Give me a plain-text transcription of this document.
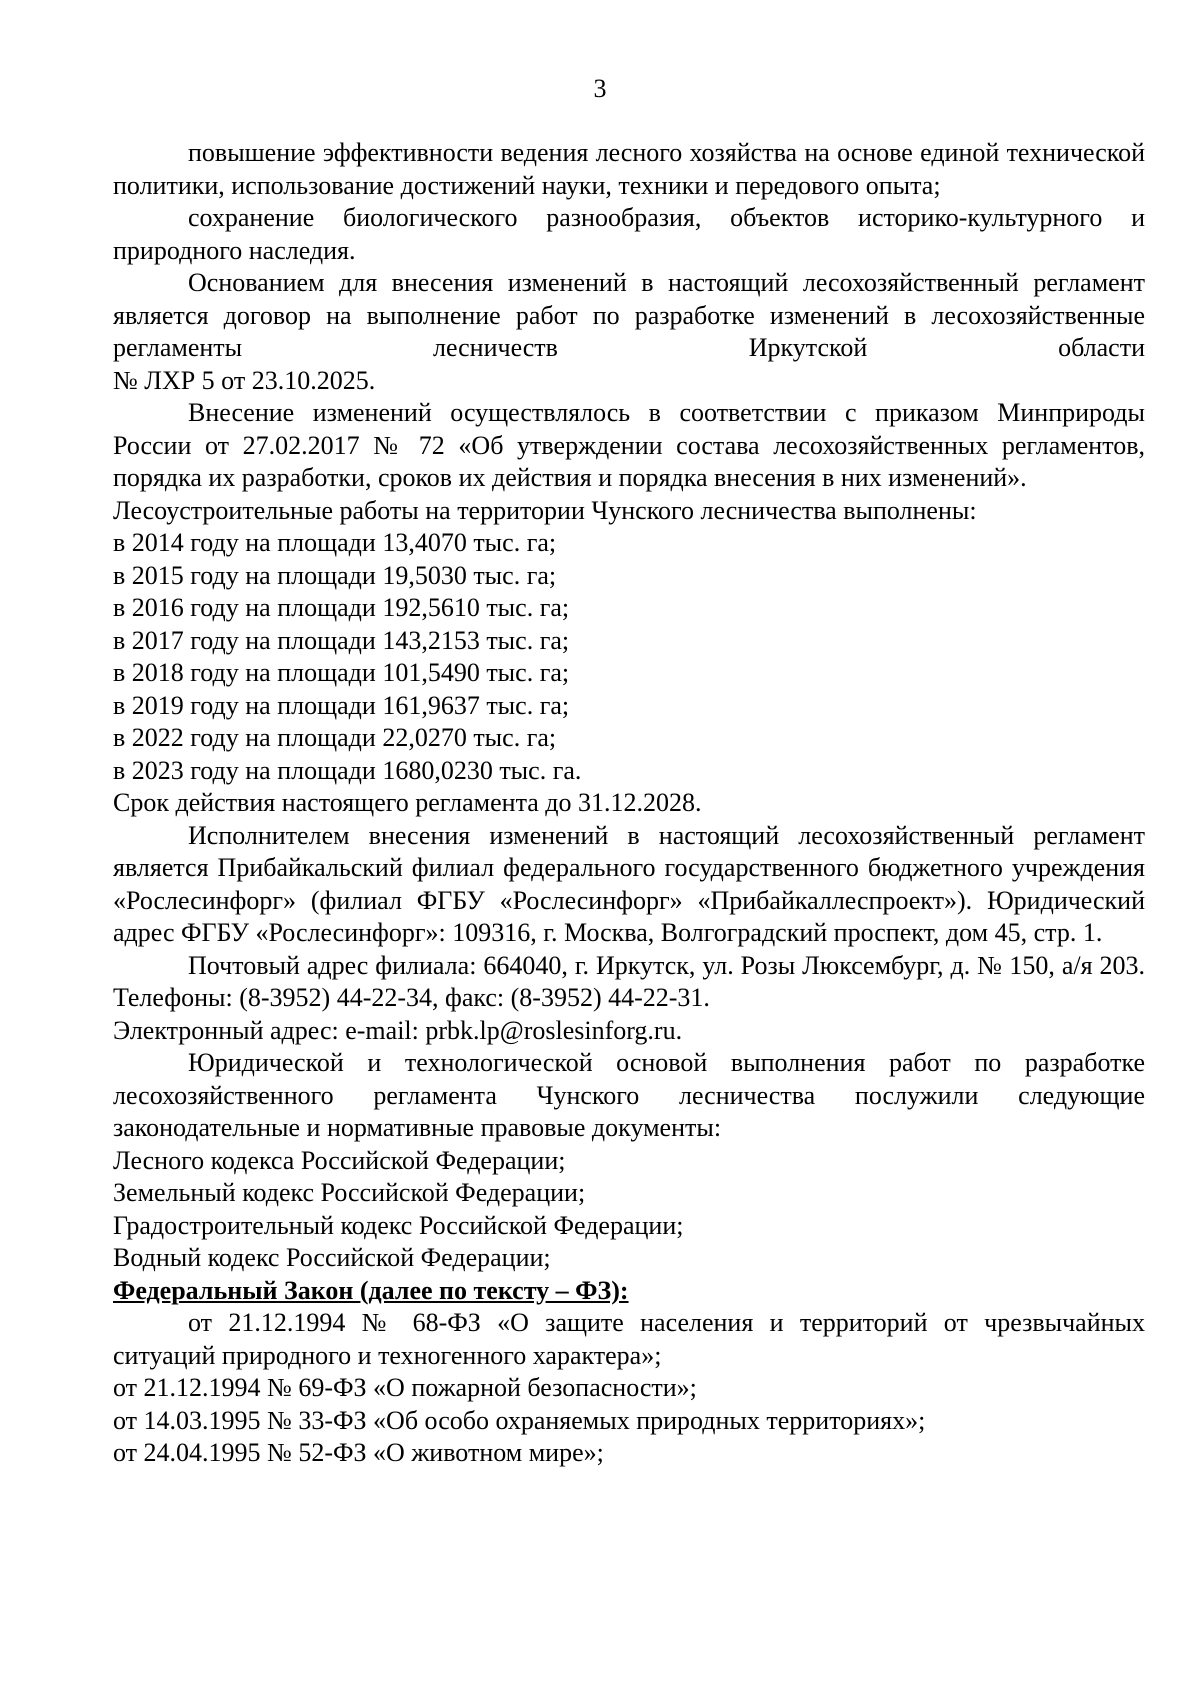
3

повышение эффективности ведения лесного хозяйства на основе единой технической политики, использование достижений науки, техники и передового опыта;

сохранение биологического разнообразия, объектов историко-культурного и природного наследия.

Основанием для внесения изменений в настоящий лесохозяйственный регламент является договор на выполнение работ по разработке изменений в лесохозяйственные регламенты лесничеств Иркутской области

№ ЛХР 5 от 23.10.2025.

Внесение изменений осуществлялось в соответствии с приказом Минприроды России от 27.02.2017 № 72 «Об утверждении состава лесохозяйственных регламентов, порядка их разработки, сроков их действия и порядка внесения в них изменений».

Лесоустроительные работы на территории Чунского лесничества выполнены:

в 2014 году на площади 13,4070 тыс. га;

в 2015 году на площади 19,5030 тыс. га;

в 2016 году на площади 192,5610 тыс. га;

в 2017 году на площади 143,2153 тыс. га;

в 2018 году на площади 101,5490 тыс. га;

в 2019 году на площади 161,9637 тыс. га;

в 2022 году на площади 22,0270 тыс. га;

в 2023 году на площади 1680,0230 тыс. га.

Срок действия настоящего регламента до 31.12.2028.

Исполнителем внесения изменений в настоящий лесохозяйственный регламент является Прибайкальский филиал федерального государственного бюджетного учреждения «Рослесинфорг» (филиал ФГБУ «Рослесинфорг» «Прибайкаллеспроект»). Юридический адрес ФГБУ «Рослесинфорг»: 109316, г. Москва, Волгоградский проспект, дом 45, стр. 1.

Почтовый адрес филиала: 664040, г. Иркутск, ул. Розы Люксембург, д. № 150, а/я 203. Телефоны: (8-3952) 44-22-34, факс: (8-3952) 44-22-31.

Электронный адрес: e-mail: prbk.lp@roslesinforg.ru.

Юридической и технологической основой выполнения работ по разработке лесохозяйственного регламента Чунского лесничества послужили следующие законодательные и нормативные правовые документы:

Лесного кодекса Российской Федерации;

Земельный кодекс Российской Федерации;

Градостроительный кодекс Российской Федерации;

Водный кодекс Российской Федерации;

Федеральный Закон (далее по тексту – ФЗ):

от 21.12.1994 № 68-ФЗ «О защите населения и территорий от чрезвычайных ситуаций природного и техногенного характера»;

от 21.12.1994 № 69-ФЗ «О пожарной безопасности»;

от 14.03.1995 № 33-ФЗ «Об особо охраняемых природных территориях»;

от 24.04.1995 № 52-ФЗ «О животном мире»;
